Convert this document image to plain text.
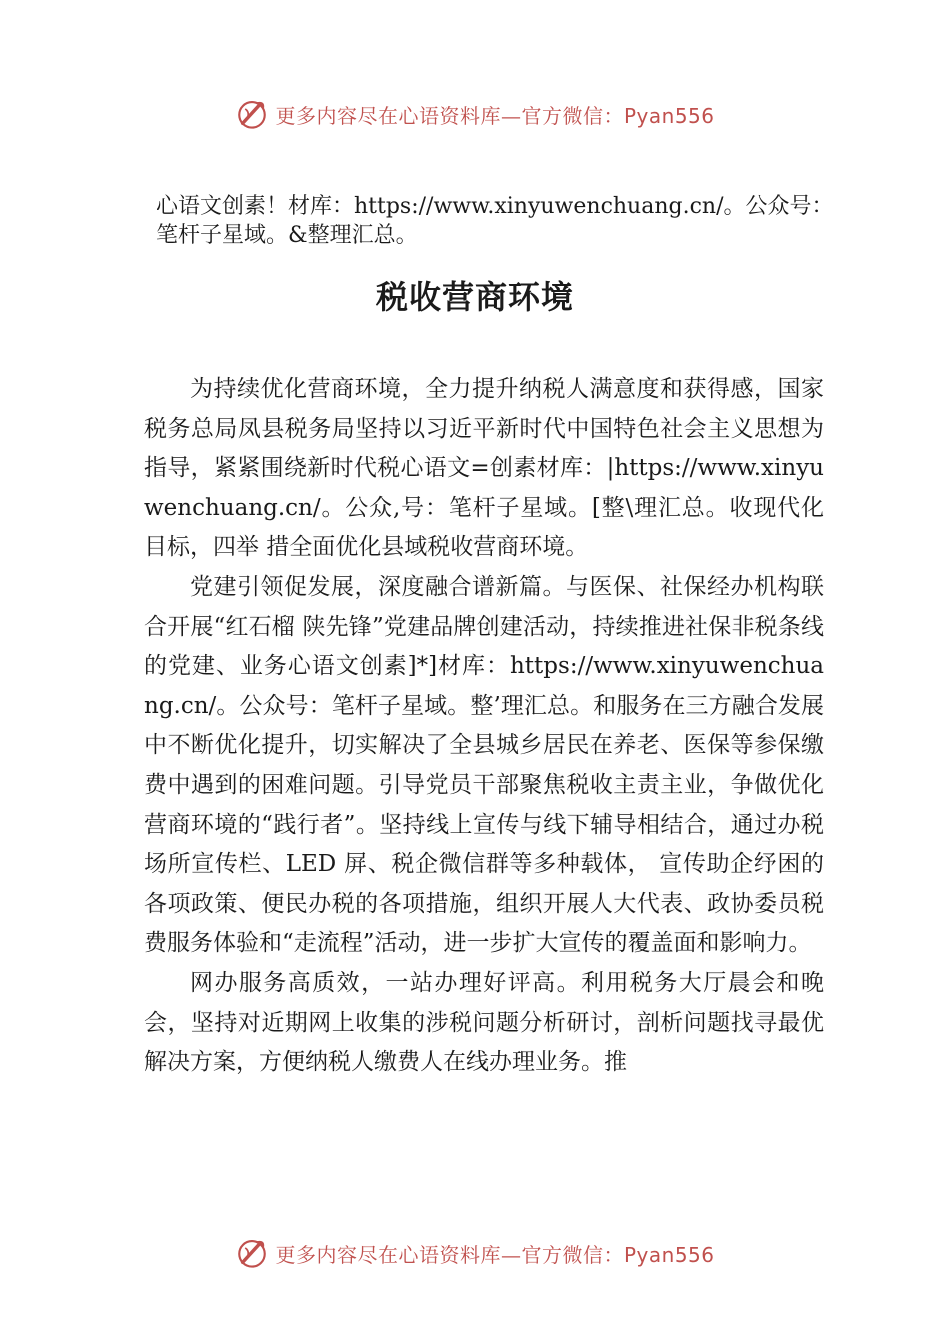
更多内容尽在心语资料库—官方微信：Pyan556

心语文创素！材库：https://www.xinyuwenchuang.cn/。公众号：笔杆子星域。&整理汇总。

税收营商环境

为持续优化营商环境，全力提升纳税人满意度和获得感，国家税务总局凤县税务局坚持以习近平新时代中国特色社会主义思想为指导，紧紧围绕新时代税心语文=创素材库：|https://www.xinyuwenchuang.cn/。公众,号：笔杆子星域。[整\理汇总。收现代化目标，四举 措全面优化县域税收营商环境。

党建引领促发展，深度融合谱新篇。与医保、社保经办机构联合开展“红石榴 陕先锋”党建品牌创建活动，持续推进社保非税条线的党建、业务心语文创素]*]材库：https://www.xinyuwenchuang.cn/。公众号：笔杆子星域。整’理汇总。和服务在三方融合发展中不断优化提升，切实解决了全县城乡居民在养老、医保等参保缴费中遇到的困难问题。引导党员干部聚焦税收主责主业，争做优化营商环境的“践行者”。坚持线上宣传与线下辅导相结合，通过办税场所宣传栏、LED 屏、税企微信群等多种载体， 宣传助企纾困的各项政策、便民办税的各项措施，组织开展人大代表、政协委员税费服务体验和“走流程”活动，进一步扩大宣传的覆盖面和影响力。

网办服务高质效，一站办理好评高。利用税务大厅晨会和晚会，坚持对近期网上收集的涉税问题分析研讨，剖析问题找寻最优解决方案，方便纳税人缴费人在线办理业务。推

更多内容尽在心语资料库—官方微信：Pyan556
